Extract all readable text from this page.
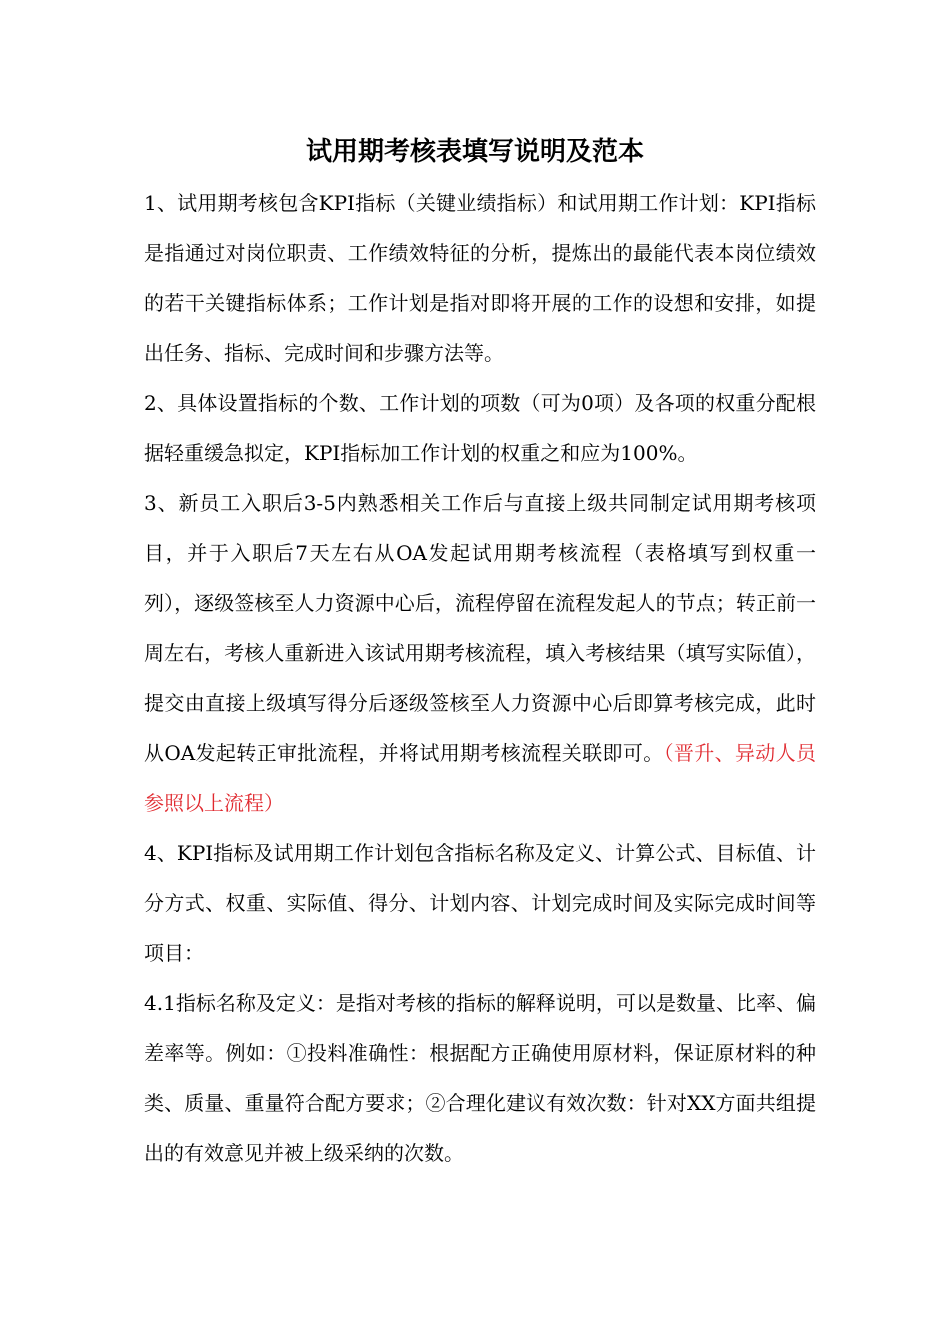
试用期考核表填写说明及范本

1、试用期考核包含KPI指标（关键业绩指标）和试用期工作计划：KPI指标是指通过对岗位职责、工作绩效特征的分析，提炼出的最能代表本岗位绩效的若干关键指标体系；工作计划是指对即将开展的工作的设想和安排，如提出任务、指标、完成时间和步骤方法等。

2、具体设置指标的个数、工作计划的项数（可为0项）及各项的权重分配根据轻重缓急拟定，KPI指标加工作计划的权重之和应为100%。

3、新员工入职后3-5内熟悉相关工作后与直接上级共同制定试用期考核项目，并于入职后7天左右从OA发起试用期考核流程（表格填写到权重一列），逐级签核至人力资源中心后，流程停留在流程发起人的节点；转正前一周左右，考核人重新进入该试用期考核流程，填入考核结果（填写实际值），提交由直接上级填写得分后逐级签核至人力资源中心后即算考核完成，此时从OA发起转正审批流程，并将试用期考核流程关联即可。（晋升、异动人员参照以上流程）

4、KPI指标及试用期工作计划包含指标名称及定义、计算公式、目标值、计分方式、权重、实际值、得分、计划内容、计划完成时间及实际完成时间等项目：

4.1指标名称及定义：是指对考核的指标的解释说明，可以是数量、比率、偏差率等。例如：①投料准确性：根据配方正确使用原材料，保证原材料的种类、质量、重量符合配方要求；②合理化建议有效次数：针对XX方面共组提出的有效意见并被上级采纳的次数。
